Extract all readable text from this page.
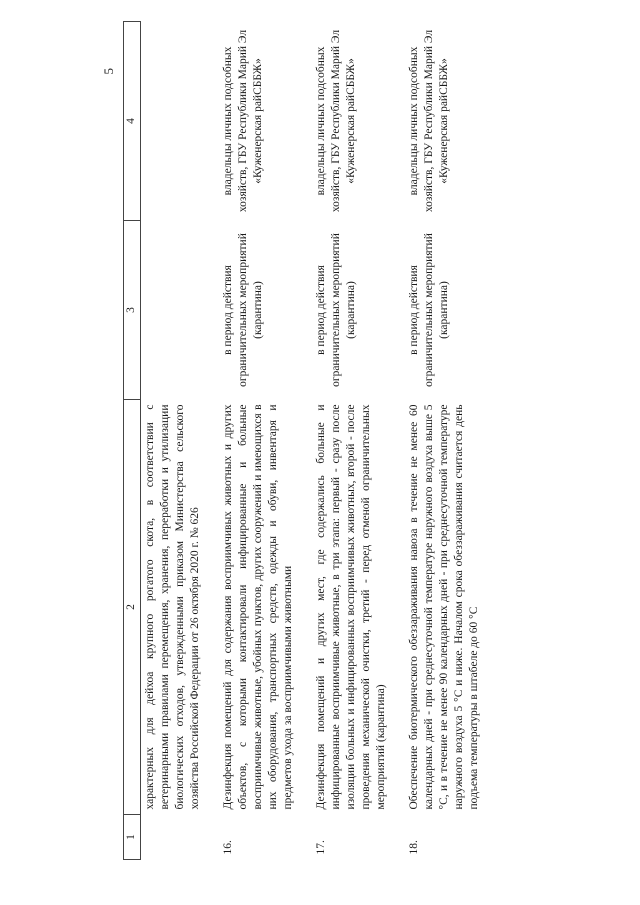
5
1	2	3	4
	характерных для дейхоа крупного рогатого скота, в соответствии с ветеринарными правилами перемещения, хранения, переработки и утилизации биологических отходов, утвержденными приказом Министерства сельского хозяйства Российской Федерации от 26 октября 2020 г. № 626		
16.	Дезинфекция помещений для содержания восприимчивых животных и других объектов, с которыми контактировали инфицированные и больные восприимчивые животные, убойных пунктов, других сооружений и имеющихся в них оборудования, транспортных средств, одежды и обуви, инвентаря и предметов ухода за восприимчивыми животными	в период действия ограничительных мероприятий (карантина)	владельцы личных подсобных хозяйств, ГБУ Республики Марий Эл «Куженерская райСББЖ»
17.	Дезинфекция помещений и других мест, где содержались больные и инфицированные восприимчивые животные, в три этапа: первый - сразу после изоляции больных и инфицированных восприимчивых животных, второй - после проведения механической очистки, третий - перед отменой ограничительных мероприятий (карантина)	в период действия ограничительных мероприятий (карантина)	владельцы личных подсобных хозяйств, ГБУ Республики Марий Эл «Куженерская райСББЖ»
18.	Обеспечение биотермического обеззараживания навоза в течение не менее 60 календарных дней - при среднесуточной температуре наружного воздуха выше 5 °С, и в течение не менее 90 календарных дней - при среднесуточной температуре наружного воздуха 5 °С и ниже. Началом срока обеззараживания считается день подъема температуры в штабеле до 60 °С	в период действия ограничительных мероприятий (карантина)	владельцы личных подсобных хозяйств, ГБУ Республики Марий Эл «Куженерская райСББЖ»
